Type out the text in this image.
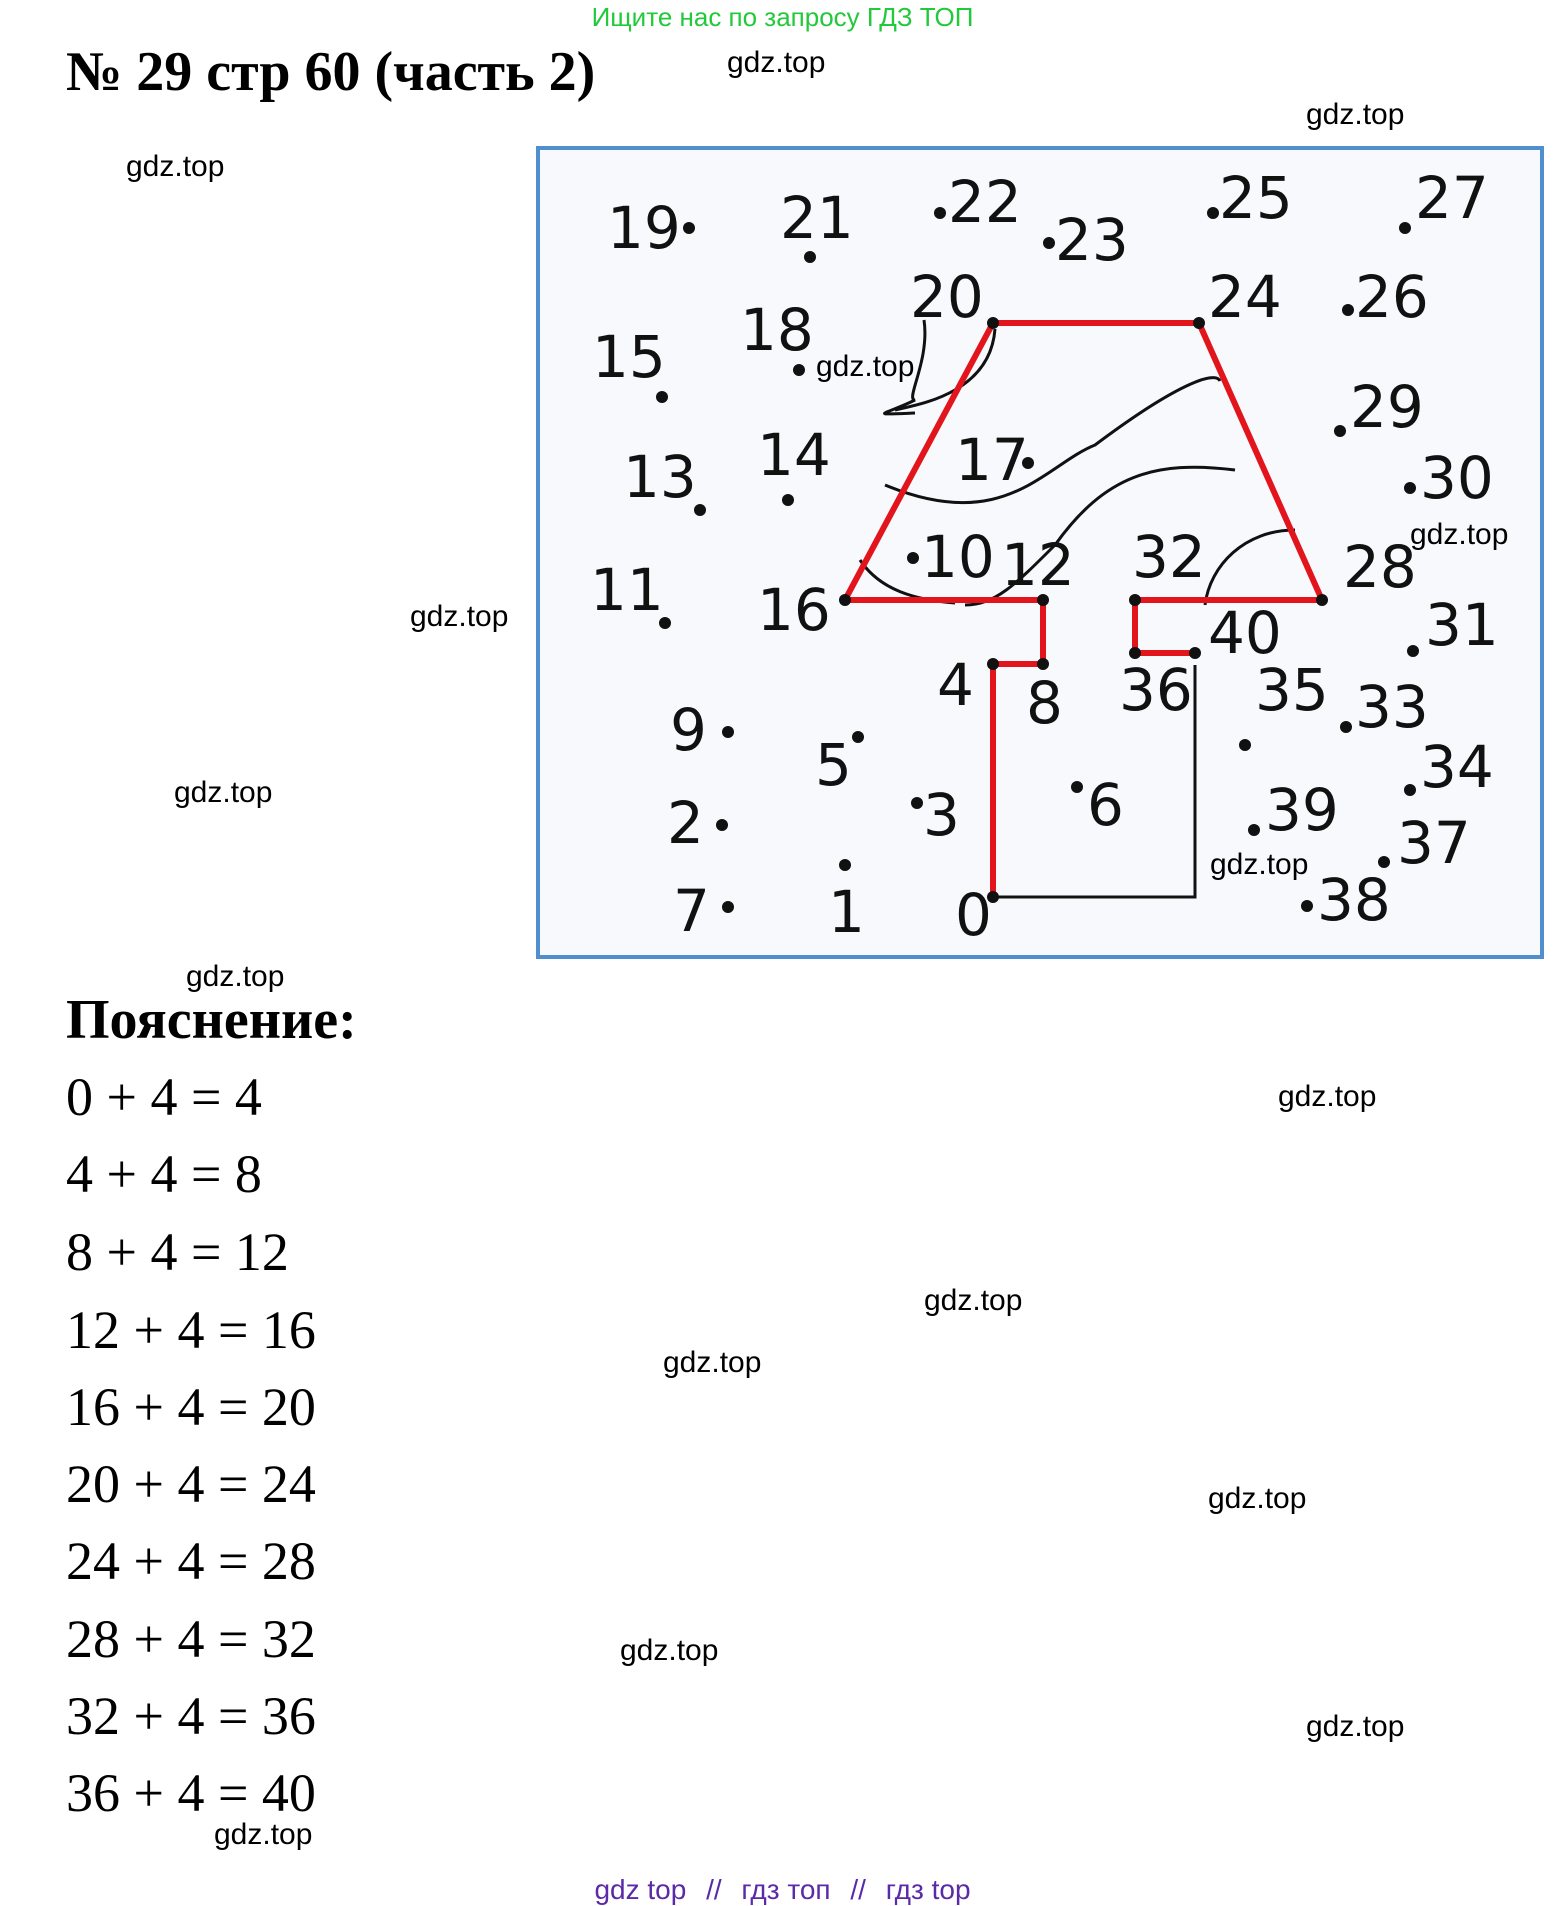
Ищите нас по запросу ГДЗ ТОП
№ 29 стр 60 (часть 2)	gdz.top
gdz.top
gdz.top
gdz.top
gdz.top
gdz.top
gdz.top
gdz.top
gdz.top
gdz.top
gdz.top
gdz.top
gdz.top
0
1
2	3
4
5
6
7
8
9
10
11	12
13 14
15
16
17
18
19
20
21 22
23
24
25
26
27
28
29
30
31
32
33
34
35
36
37
38
39
40
gdz.top
gdz.top
gdz.top
Пояснение:
0 + 4 = 4
4 + 4 = 8
8 + 4 = 12
12 + 4 = 16
16 + 4 = 20
20 + 4 = 24
24 + 4 = 28
28 + 4 = 32
32 + 4 = 36
36 + 4 = 40
gdz top // гдз топ // гдз top
